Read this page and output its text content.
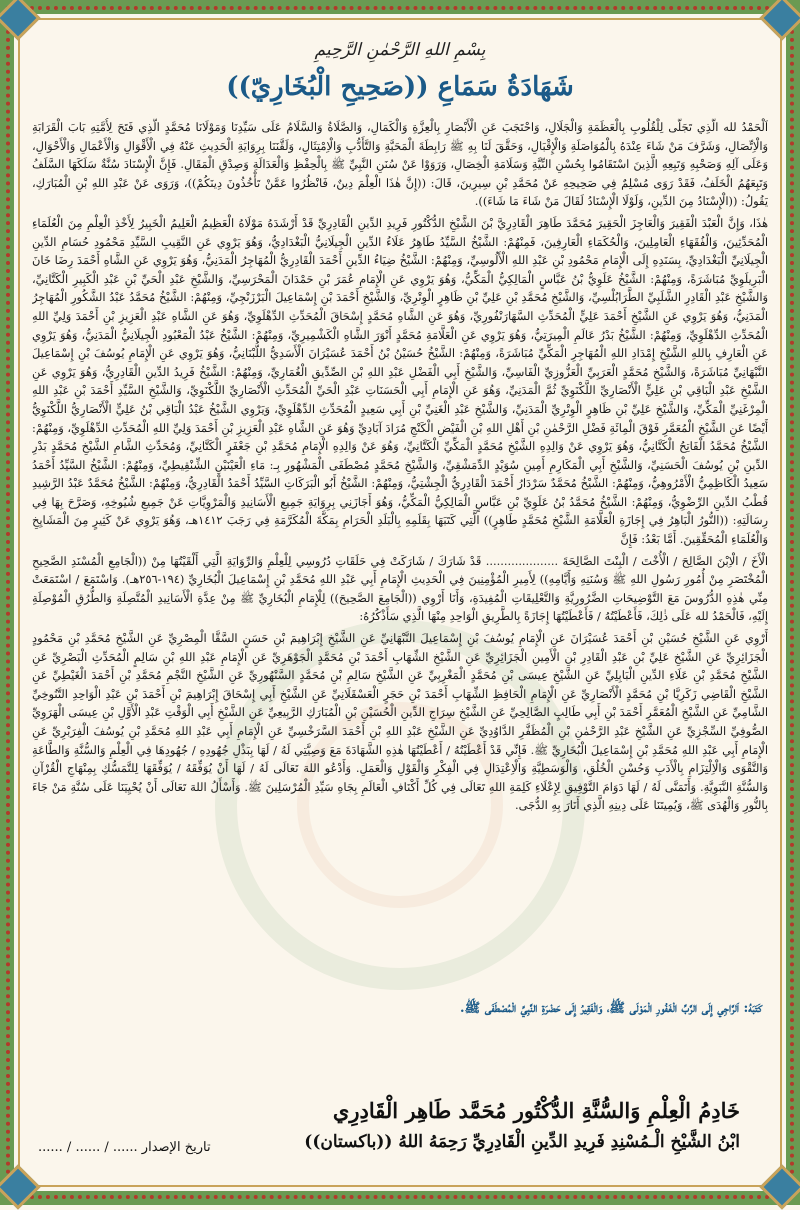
بِسْمِ اللهِ الرَّحْمٰنِ الرَّحِيمِ
شَهَادَةُ سَمَاعِ ((صَحِيحِ الْبُخَارِيّ))

اَلْحَمْدُ لله الَّذِي تَجَلَّى لِلْقُلُوبِ بِالْعَظَمَةِ وَالْجَلَالِ، وَاحْتَجَبَ عَنِ الْأَبْصَارِ بِالْعِزَّةِ وَالْكَمَالِ، وَالصَّلَاةُ وَالسَّلَامُ عَلَى سَيِّدِنَا وَمَوْلَانَا مُحَمَّدٍ الَّذِي فَتَحَ لِأُمَّتِهِ بَابَ الْقَرَابَةِ وَالْاِتِّصَالِ، وَشَرَّفَ مَنْ شَاءَ عِنْدَهُ بِالْمُوَاصَلَةِ وَالْإِقْبَالِ، وَحَقَّقَ لَنَا بِهِ ﷺ رَابِطَةَ الْمَحَبَّةِ وَالتَّأَدُّبِ وَالْاِمْتِثَالِ، وَلَقَّنَنَا بِرِوَايَةِ الْحَدِيثِ عَنْهُ فِي الْأَقْوَالِ وَالْأَعْمَالِ وَالْأَحْوَالِ، وَعَلَى آلِهِ وَصَحْبِهِ وَتَبِعِهِ الَّذِينَ اسْتَقَامُوا بِحُسْنِ النِّيَّةِ وَسَلَامَةِ الْخِصَالِ، وَرَوَوْا عَنْ سُنَنِ النَّبِيِّ ﷺ بِالْحِفْظِ وَالْعَدَالَةِ وَصِدْقِ الْمَقَالِ. فَإِنَّ الْإِسْنَادَ سُنَّةٌ سَلَكَهَا السَّلَفُ وَتَبِعَهُمُ الْخَلَفُ، فَقَدْ رَوَى مُسْلِمٌ فِي صَحِيحِهِ عَنْ مُحَمَّدِ بْنِ سِيرِينَ، قَالَ: ((إِنَّ هٰذَا الْعِلْمَ دِينٌ، فَانْظُرُوا عَمَّنْ تَأْخُذُونَ دِينَكُمْ))، وَرَوَى عَنْ عَبْدِ اللهِ بْنِ الْمُبَارَكِ، يَقُولُ: ((الْإِسْنَادُ مِنَ الدِّينِ، وَلَوْلَا الْإِسْنَادُ لَقَالَ مَنْ شَاءَ مَا شَاءَ)).

هٰذَا، وَإِنَّ الْعَبْدَ الْفَقِيرَ وَالْعَاجِزَ الْحَقِيرَ مُحَمَّدَ طَاهِرَ الْقَادِرِيَّ بْنَ الشَّيْخِ الدُّكْتُورِ فَرِيدِ الدِّينِ الْقَادِرِيِّ قَدْ أَرْشَدَهُ مَوْلَاهُ الْعَظِيمُ الْعَلِيمُ الْخَبِيرُ لِأَخْذِ الْعِلْمِ مِنَ الْعُلَمَاءِ الْمُحَدِّثِينَ، وَالْفُقَهَاءِ الْعَامِلِينَ، وَالْحُكَمَاءِ الْعَارِفِينَ، فَمِنْهُمْ: الشَّيْخُ السَّيِّدُ طَاهِرُ عَلَاءُ الدِّينِ الْجِيلَانِيُّ الْبَغْدَادِيُّ، وَهُوَ يَرْوِي عَنِ النَّقِيبِ السَّيِّدِ مَحْمُودِ حُسَامِ الدِّينِ الْجِيلَانِيِّ الْبَغْدَادِيِّ، بِسَنَدِهِ إِلَى الْإِمَامِ مَحْمُودِ بْنِ عَبْدِ اللهِ الْأَلُوسِيِّ، وَمِنْهُمْ: الشَّيْخُ ضِيَاءُ الدِّينِ أَحْمَدَ الْقَادِرِيُّ الْمُهَاجِرُ الْمَدَنِيُّ، وَهُوَ يَرْوِي عَنِ الشَّاهِ أَحْمَدَ رِضَا خَانَ الْبَرِيلَوِيِّ مُبَاشَرَةً، وَمِنْهُمْ: الشَّيْخُ عَلَوِيُّ بْنُ عَبَّاسٍ الْمَالِكِيُّ الْمَكِّيُّ، وَهُوَ يَرْوِي عَنِ الْإِمَامِ عُمَرَ بْنِ حَمْدَانَ الْمَحْرَسِيِّ، وَالشَّيْخِ عَبْدِ الْحَيِّ بْنِ عَبْدِ الْكَبِيرِ الْكَتَّانِيِّ، وَالشَّيْخِ عَبْدِ الْقَادِرِ الشَّلَبِيِّ الطَّرَابُلْسِيِّ، وَالشَّيْخِ مُحَمَّدِ بْنِ عَلِيِّ بْنِ ظَاهِرٍ الْوِتْرِيِّ، وَالشَّيْخِ أَحْمَدَ بْنِ إِسْمَاعِيلَ الْبَرْزَنْجِيِّ، وَمِنْهُمْ: الشَّيْخُ مُحَمَّدُ عَبْدُ الشَّكُورِ الْمُهَاجِرُ الْمَدَنِيُّ، وَهُوَ يَرْوِي عَنِ الشَّيْخِ أَحْمَدَ عَلِيٍّ الْمُحَدِّثِ السَّهَارَنْفُورِيِّ، وَهُوَ عَنِ الشَّاهِ مُحَمَّدٍ إِسْحَاقَ الْمُحَدِّثِ الدِّهْلَوِيِّ، وَهُوَ عَنِ الشَّاهِ عَبْدِ الْعَزِيزِ بْنِ أَحْمَدَ وَلِيِّ اللهِ الْمُحَدِّثِ الدِّهْلَوِيِّ، وَمِنْهُمْ: الشَّيْخُ بَدْرُ عَالَمِ الْمِيرَتِيُّ، وَهُوَ يَرْوِي عَنِ الْعَلَّامَةِ مُحَمَّدٍ أَنْوَرَ الشَّاهِ الْكَشْمِيرِيِّ، وَمِنْهُمْ: الشَّيْخُ عَبْدُ الْمَعْبُودِ الْجِيلَانِيُّ الْمَدَنِيُّ، وَهُوَ يَرْوِي عَنِ الْعَارِفِ بِاللهِ الشَّيْخِ إِمْدَادِ اللهِ الْمُهَاجِرِ الْمَكِّيِّ مُبَاشَرَةً، وَمِنْهُمْ: الشَّيْخُ حُسَيْنُ بْنُ أَحْمَدَ عُسَيْرَانَ الْأَسَدِيُّ اللُّبْنَانِيُّ، وَهُوَ يَرْوِي عَنِ الْإِمَامِ يُوسُفَ بْنِ إِسْمَاعِيلَ النَّبْهَانِيِّ مُبَاشَرَةً، وَالشَّيْخِ مُحَمَّدٍ الْعَرَبِيِّ الْعَزُّوزِيِّ الْفَاسِيِّ، وَالشَّيْخِ أَبِي الْفَضْلِ عَبْدِ اللهِ بْنِ الصِّدِّيقِ الْغُمَارِيِّ، وَمِنْهُمْ: الشَّيْخُ فَرِيدُ الدِّينِ الْقَادِرِيُّ، وَهُوَ يَرْوِي عَنِ الشَّيْخِ عَبْدِ الْبَاقِي بْنِ عَلِيٍّ الْأَنْصَارِيِّ اللَّكْنَوِيِّ ثُمَّ الْمَدَنِيِّ، وَهُوَ عَنِ الْإِمَامِ أَبِي الْحَسَنَاتِ عَبْدِ الْحَيِّ الْمُحَدِّثِ الْأَنْصَارِيِّ اللَّكْنَوِيِّ، وَالشَّيْخِ السَّيِّدِ أَحْمَدَ بْنِ عَبْدِ اللهِ الْمِرْغَنِيِّ الْمَكِّيِّ، وَالشَّيْخِ عَلِيِّ بْنِ ظَاهِرٍ الْوِتْرِيِّ الْمَدَنِيِّ، وَالشَّيْخِ عَبْدِ الْغَنِيِّ بْنِ أَبِي سَعِيدٍ الْمُحَدِّثِ الدِّهْلَوِيِّ، وَيَرْوِي الشَّيْخُ عَبْدُ الْبَاقِي بْنُ عَلِيٍّ الْأَنْصَارِيُّ اللَّكْنَوِيُّ أَيْضًا عَنِ الشَّيْخِ الْمُعَمَّرِ فَوْقَ الْمِائَةِ فَضْلِ الرَّحْمٰنِ بْنِ أَهْلِ اللهِ بْنِ الْفَيْضِ الْكَنْجِ مُرَادَ آبَادِيِّ وَهُوَ عَنِ الشَّاهِ عَبْدِ الْعَزِيزِ بْنِ أَحْمَدَ وَلِيِّ اللهِ الْمُحَدِّثِ الدِّهْلَوِيِّ، وَمِنْهُمْ: الشَّيْخُ مُحَمَّدُ الْفَاتِحُ الْكَتَّانِيُّ، وَهُوَ يَرْوِي عَنْ وَالِدِهِ الشَّيْخِ مُحَمَّدٍ الْمَكِّيِّ الْكَتَّانِيِّ، وَهُوَ عَنْ وَالِدِهِ الْإِمَامِ مُحَمَّدِ بْنِ جَعْفَرٍ الْكَتَّانِيِّ، وَمُحَدِّثِ الشَّامِ الشَّيْخِ مُحَمَّدٍ بَدْرِ الدِّينِ بْنِ يُوسُفَ الْحَسَنِيِّ، وَالشَّيْخِ أَبِي الْمَكَارِمِ أَمِينِ سُوَيْدٍ الدِّمَشْقِيِّ، وَالشَّيْخِ مُحَمَّدٍ مُصْطَفَى الْمَشْهُورِ بِـ: مَاءِ الْعَيْنَيْنِ الشِّنْقِيطِيِّ، وَمِنْهُمْ: الشَّيْخُ السَّيِّدُ أَحْمَدُ سَعِيدُ الْكَاظِمِيُّ الْأَمْرُوهِيُّ، وَمِنْهُمْ: الشَّيْخُ مُحَمَّدٌ سَرْدَارُ أَحْمَدَ الْقَادِرِيُّ الْجِشْتِيُّ، وَمِنْهُمْ: الشَّيْخُ أَبُو الْبَرَكَاتِ السَّيِّدُ أَحْمَدُ الْقَادِرِيُّ، وَمِنْهُمْ: الشَّيْخُ مُحَمَّدٌ عَبْدُ الرَّشِيدِ قُطْبُ الدِّينِ الرِّضْوِيُّ، وَمِنْهُمْ: الشَّيْخُ مُحَمَّدُ بْنُ عَلَوِيِّ بْنِ عَبَّاسٍ الْمَالِكِيُّ الْمَكِّيُّ، وَهُوَ أَجَازَنِي بِرِوَايَةِ جَمِيعِ الْأَسَانِيدِ وَالْمَرْوِيَّاتِ عَنْ جَمِيعِ شُيُوخِهِ، وَصَرَّحَ بِهَا فِي رِسَالَتِهِ: ((النُّورُ الْبَاهِرُ فِي إِجَازَةِ الْعَلَّامَةِ الشَّيْخِ مُحَمَّدٍ طَاهِرٍ)) الَّتِي كَتَبَهَا بِقَلَمِهِ بِالْبَلَدِ الْحَرَامِ بِمَكَّةَ الْمُكَرَّمَةِ فِي رَجَبَ ١٤١٢هـ، وَهُوَ يَرْوِي عَنْ كَثِيرٍ مِنَ الْمَشَايِخِ وَالْعُلَمَاءِ الْمُحَقِّقِينَ. أَمَّا بَعْدُ: فَإِنَّ

الْأَخَ / الْاِبْنَ الصَّالِحَ / الْأُخْتَ / الْبِنْتَ الصَّالِحَةَ .................... قَدْ شَارَكَ / شَارَكَتْ فِي حَلَقَاتِ دُرُوسِي لِلْعِلْمِ وَالرِّوَايَةِ الَّتِي أَلْقَيْتُهَا مِنْ ((الْجَامِعِ الْمُسْنَدِ الصَّحِيحِ الْمُخْتَصَرِ مِنْ أُمُورِ رَسُولِ اللهِ ﷺ وَسُنَنِهِ وَأَيَّامِهِ)) لِأَمِيرِ الْمُؤْمِنِينَ فِي الْحَدِيثِ الْإِمَامِ أَبِي عَبْدِ اللهِ مُحَمَّدِ بْنِ إِسْمَاعِيلَ الْبُخَارِيِّ (١٩٤-٢٥٦هـ). وَاسْتَمَعَ / اسْتَمَعَتْ مِنِّي هٰذِهِ الدُّرُوسَ مَعَ التَّوْضِيحَاتِ الضَّرُورِيَّةِ وَالتَّعْلِيقَاتِ الْمُفِيدَةِ، وَأَنَا أَرْوِي ((الْجَامِعَ الصَّحِيحَ)) لِلْإِمَامِ الْبُخَارِيِّ ﷺ مِنْ عِدَّةِ الْأَسَانِيدِ الْمُتَّصِلَةِ وَالطُّرُقِ الْمُوْصِلَةِ إِلَيْهِ، فَالْحَمْدُ لله عَلَى ذٰلِكَ، فَأَعْطَيْتُهُ / فَأَعْطَيْتُهَا إِجَازَةً بِالطَّرِيقِ الْوَاحِدِ مِنْهَا الَّذِي سَأَذْكُرُهُ:

أَرْوِي عَنِ الشَّيْخِ حُسَيْنِ بْنِ أَحْمَدَ عُسَيْرَانَ عَنِ الْإِمَامِ يُوسُفَ بْنِ إِسْمَاعِيلَ النَّبْهَانِيِّ عَنِ الشَّيْخِ إِبْرَاهِيمَ بْنِ حَسَنٍ السَّقَّا الْمِصْرِيِّ عَنِ الشَّيْخِ مُحَمَّدِ بْنِ مَحْمُودٍ الْجَزَائِرِيِّ عَنِ الشَّيْخِ عَلِيِّ بْنِ عَبْدِ الْقَادِرِ بْنِ الْأَمِينِ الْجَزَائِرِيِّ عَنِ الشَّيْخِ الشِّهَابِ أَحْمَدَ بْنِ مُحَمَّدٍ الْجَوْهَرِيِّ عَنِ الْإِمَامِ عَبْدِ اللهِ بْنِ سَالِمٍ الْمُحَدِّثِ الْبَصْرِيِّ عَنِ الشَّيْخِ مُحَمَّدِ بْنِ عَلَاءِ الدِّينِ الْبَابِلِيِّ عَنِ الشَّيْخِ عِيسَى بْنِ مُحَمَّدٍ الْمَغْرِبِيِّ عَنِ الشَّيْخِ سَالِمِ بْنِ مُحَمَّدٍ السَّنْهُورِيِّ عَنِ الشَّيْخِ النَّجْمِ مُحَمَّدِ بْنِ أَحْمَدَ الْغَيْطِيِّ عَنِ الشَّيْخِ الْقَاضِي زَكَرِيَّا بْنِ مُحَمَّدٍ الْأَنْصَارِيِّ عَنِ الْإِمَامِ الْحَافِظِ الشِّهَابِ أَحْمَدَ بْنِ حَجَرٍ الْعَسْقَلَانِيِّ عَنِ الشَّيْخِ أَبِي إِسْحَاقَ إِبْرَاهِيمَ بْنِ أَحْمَدَ بْنِ عَبْدِ الْوَاحِدِ التَّنُوخِيِّ الشَّامِيِّ عَنِ الشَّيْخِ الْمُعَمَّرِ أَحْمَدَ بْنِ أَبِي طَالِبٍ الصَّالِحِيِّ عَنِ الشَّيْخِ سِرَاجِ الدِّينِ الْحُسَيْنِ بْنِ الْمُبَارَكِ الرَّبِيعِيِّ عَنِ الشَّيْخِ أَبِي الْوَقْتِ عَبْدِ الْأَوَّلِ بْنِ عِيسَى الْهَرَوِيِّ الصُّوفِيِّ السِّجْزِيِّ عَنِ الشَّيْخِ عَبْدِ الرَّحْمٰنِ بْنِ الْمُظَفَّرِ الدَّاوُدِيِّ عَنِ الشَّيْخِ عَبْدِ اللهِ بْنِ أَحْمَدَ السَّرَخْسِيِّ عَنِ الْإِمَامِ أَبِي عَبْدِ اللهِ مُحَمَّدِ بْنِ يُوسُفَ الْفِرَبْرِيِّ عَنِ الْإِمَامِ أَبِي عَبْدِ اللهِ مُحَمَّدِ بْنِ إِسْمَاعِيلَ الْبُخَارِيِّ ﷺ. فَإِنِّي قَدْ أَعْطَيْتُهُ / أَعْطَيْتُهَا هٰذِهِ الشَّهَادَةَ مَعَ وَصِيَّتِي لَهُ / لَهَا بِبَذْلِ جُهُودِهِ / جُهُودِهَا فِي الْعِلْمِ وَالسُّنَّةِ وَالطَّاعَةِ وَالتَّقْوَى وَالْاِلْتِزَامِ بِالْأَدَبِ وَحُسْنِ الْخُلُقِ، وَالْوَسَطِيَّةِ وَالْاِعْتِدَالِ فِي الْفِكْرِ وَالْقَوْلِ وَالْعَمَلِ. وَأَدْعُو اللهَ تَعَالَى لَهُ / لَهَا أَنْ يُوَفِّقَهُ / يُوَفِّقَهَا لِلتَّمَسُّكِ بِمِنْهَاجِ الْقُرْآنِ وَالسُّنَّةِ النَّبَوِيَّةِ. وَأَتَمَنَّى لَهُ / لَهَا دَوَامَ التَّوْفِيقِ لِإِعْلَاءِ كَلِمَةِ اللهِ تَعَالَى فِي كُلِّ أَكْنَافِ الْعَالَمِ بِجَاهِ سَيِّدِ الْمُرْسَلِينَ ﷺ. وَأَسْأَلُ اللهَ تَعَالَى أَنْ يُحْيِيَنَا عَلَى سُنَّةِ مَنْ جَاءَ بِالنُّورِ وَالْهُدَى ﷺ، وَيُمِيتَنَا عَلَى دِينِهِ الَّذِي أَنَارَ بِهِ الدُّجَى.

كَتَبَهُ: اَلرَّاجِي إِلَى الرَّبِّ الْغَفُورِ الْمَوْلَى ﷺ، وَالْفَقِيرُ إِلَى حَضْرَةِ النَّبِيِّ الْمُصْطَفَى ﷺ.
خَادِمُ الْعِلْمِ وَالسُّنَّةِ الدُّكْتُور مُحَمَّد طَاهِر الْقَادِرِي
ابْنُ الشَّيْخِ الْـمُسْنِدِ فَرِيدِ الدِّينِ الْقَادِرِيِّ رَحِمَهُ اللهُ ((باكستان))
تاريخ الإصدار ...... / ...... / ......
